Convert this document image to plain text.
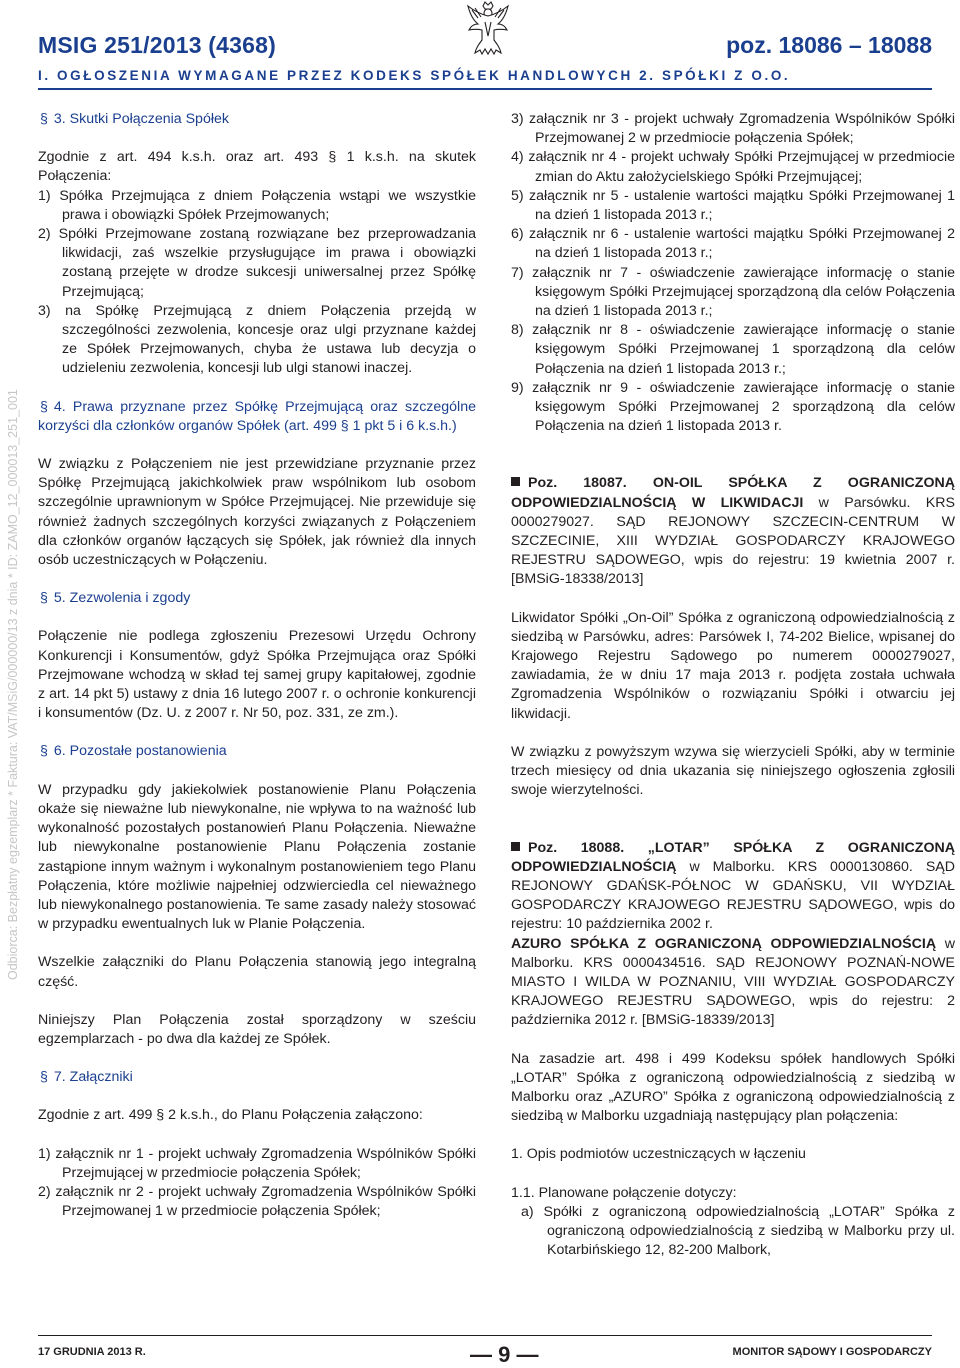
MSIG 251/2013 (4368)	poz. 18086 – 18088
I. OGŁOSZENIA WYMAGANE PRZEZ KODEKS SPÓŁEK HANDLOWYCH 2. SPÓŁKI Z O.O.
Odbiorca: Bezpłatny egzemplarz * Faktura: VAT/MSiG/000000/13 z dnia * ID: ZAMO_12_000013_251_001

§ 3. Skutki Połączenia Spółek

Zgodnie z art. 494 k.s.h. oraz art. 493 § 1 k.s.h. na skutek Połączenia:

1) Spółka Przejmująca z dniem Połączenia wstąpi we wszystkie prawa i obowiązki Spółek Przejmowanych;

2) Spółki Przejmowane zostaną rozwiązane bez przeprowadzania likwidacji, zaś wszelkie przysługujące im prawa i obowiązki zostaną przejęte w drodze sukcesji uniwersalnej przez Spółkę Przejmującą;

3) na Spółkę Przejmującą z dniem Połączenia przejdą w szczególności zezwolenia, koncesje oraz ulgi przyznane każdej ze Spółek Przejmowanych, chyba że ustawa lub decyzja o udzieleniu zezwolenia, koncesji lub ulgi stanowi inaczej.

§ 4. Prawa przyznane przez Spółkę Przejmującą oraz szczególne korzyści dla członków organów Spółek (art. 499 § 1 pkt 5 i 6 k.s.h.)

W związku z Połączeniem nie jest przewidziane przyznanie przez Spółkę Przejmującą jakichkolwiek praw wspólnikom lub osobom szczególnie uprawnionym w Spółce Przejmującej. Nie przewiduje się również żadnych szczególnych korzyści związanych z Połączeniem dla członków organów łączących się Spółek, jak również dla innych osób uczestniczących w Połączeniu.

§ 5. Zezwolenia i zgody

Połączenie nie podlega zgłoszeniu Prezesowi Urzędu Ochrony Konkurencji i Konsumentów, gdyż Spółka Przejmująca oraz Spółki Przejmowane wchodzą w skład tej samej grupy kapitałowej, zgodnie z art. 14 pkt 5) ustawy z dnia 16 lutego 2007 r. o ochronie konkurencji i konsumentów (Dz. U. z 2007 r. Nr 50, poz. 331, ze zm.).

§ 6. Pozostałe postanowienia

W przypadku gdy jakiekolwiek postanowienie Planu Połączenia okaże się nieważne lub niewykonalne, nie wpływa to na ważność lub wykonalność pozostałych postanowień Planu Połączenia. Nieważne lub niewykonalne postanowienie Planu Połączenia zostanie zastąpione innym ważnym i wykonalnym postanowieniem tego Planu Połączenia, które możliwie najpełniej odzwierciedla cel nieważnego lub niewykonalnego postanowienia. Te same zasady należy stosować w przypadku ewentualnych luk w Planie Połączenia.

Wszelkie załączniki do Planu Połączenia stanowią jego integralną część.

Niniejszy Plan Połączenia został sporządzony w sześciu egzemplarzach - po dwa dla każdej ze Spółek.

§ 7. Załączniki

Zgodnie z art. 499 § 2 k.s.h., do Planu Połączenia załączono:

1) załącznik nr 1 - projekt uchwały Zgromadzenia Wspólników Spółki Przejmującej w przedmiocie połączenia Spółek;

2) załącznik nr 2 - projekt uchwały Zgromadzenia Wspólników Spółki Przejmowanej 1 w przedmiocie połączenia Spółek;

3) załącznik nr 3 - projekt uchwały Zgromadzenia Wspólników Spółki Przejmowanej 2 w przedmiocie połączenia Spółek;

4) załącznik nr 4 - projekt uchwały Spółki Przejmującej w przedmiocie zmian do Aktu założycielskiego Spółki Przejmującej;

5) załącznik nr 5 - ustalenie wartości majątku Spółki Przejmowanej 1 na dzień 1 listopada 2013 r.;

6) załącznik nr 6 - ustalenie wartości majątku Spółki Przejmowanej 2 na dzień 1 listopada 2013 r.;

7) załącznik nr 7 - oświadczenie zawierające informację o stanie księgowym Spółki Przejmującej sporządzoną dla celów Połączenia na dzień 1 listopada 2013 r.;

8) załącznik nr 8 - oświadczenie zawierające informację o stanie księgowym Spółki Przejmowanej 1 sporządzoną dla celów Połączenia na dzień 1 listopada 2013 r.;

9) załącznik nr 9 - oświadczenie zawierające informację o stanie księgowym Spółki Przejmowanej 2 sporządzoną dla celów Połączenia na dzień 1 listopada 2013 r.

Poz. 18087. ON-OIL SPÓŁKA Z OGRANICZONĄ ODPOWIEDZIALNOŚCIĄ W LIKWIDACJI w Parsówku. KRS 0000279027. SĄD REJONOWY SZCZECIN-CENTRUM W SZCZECINIE, XIII WYDZIAŁ GOSPODARCZY KRAJOWEGO REJESTRU SĄDOWEGO, wpis do rejestru: 19 kwietnia 2007 r. [BMSiG-18338/2013]

Likwidator Spółki „On-Oil” Spółka z ograniczoną odpowiedzialnością z siedzibą w Parsówku, adres: Parsówek I, 74-202 Bielice, wpisanej do Krajowego Rejestru Sądowego po numerem 0000279027, zawiadamia, że w dniu 17 maja 2013 r. podjęta została uchwała Zgromadzenia Wspólników o rozwiązaniu Spółki i otwarciu jej likwidacji.

W związku z powyższym wzywa się wierzycieli Spółki, aby w terminie trzech miesięcy od dnia ukazania się niniejszego ogłoszenia zgłosili swoje wierzytelności.

Poz. 18088. „LOTAR” SPÓŁKA Z OGRANICZONĄ ODPOWIEDZIALNOŚCIĄ w Malborku. KRS 0000130860. SĄD REJONOWY GDAŃSK-PÓŁNOC W GDAŃSKU, VII WYDZIAŁ GOSPODARCZY KRAJOWEGO REJESTRU SĄDOWEGO, wpis do rejestru: 10 października 2002 r.

AZURO SPÓŁKA Z OGRANICZONĄ ODPOWIEDZIALNOŚCIĄ w Malborku. KRS 0000434516. SĄD REJONOWY POZNAŃ-NOWE MIASTO I WILDA W POZNANIU, VIII WYDZIAŁ GOSPODARCZY KRAJOWEGO REJESTRU SĄDOWEGO, wpis do rejestru: 2 października 2012 r. [BMSiG-18339/2013]

Na zasadzie art. 498 i 499 Kodeksu spółek handlowych Spółki „LOTAR” Spółka z ograniczoną odpowiedzialnością z siedzibą w Malborku oraz „AZURO” Spółka z ograniczoną odpowiedzialnością z siedzibą w Malborku uzgadniają następujący plan połączenia:

1. Opis podmiotów uczestniczących w łączeniu

1.1. Planowane połączenie dotyczy:

a) Spółki z ograniczoną odpowiedzialnością „LOTAR” Spółka z ograniczoną odpowiedzialnością z siedzibą w Malborku przy ul. Kotarbińskiego 12, 82-200 Malbork,

17 GRUDNIA 2013 R.	— 9 —	MONITOR SĄDOWY I GOSPODARCZY
